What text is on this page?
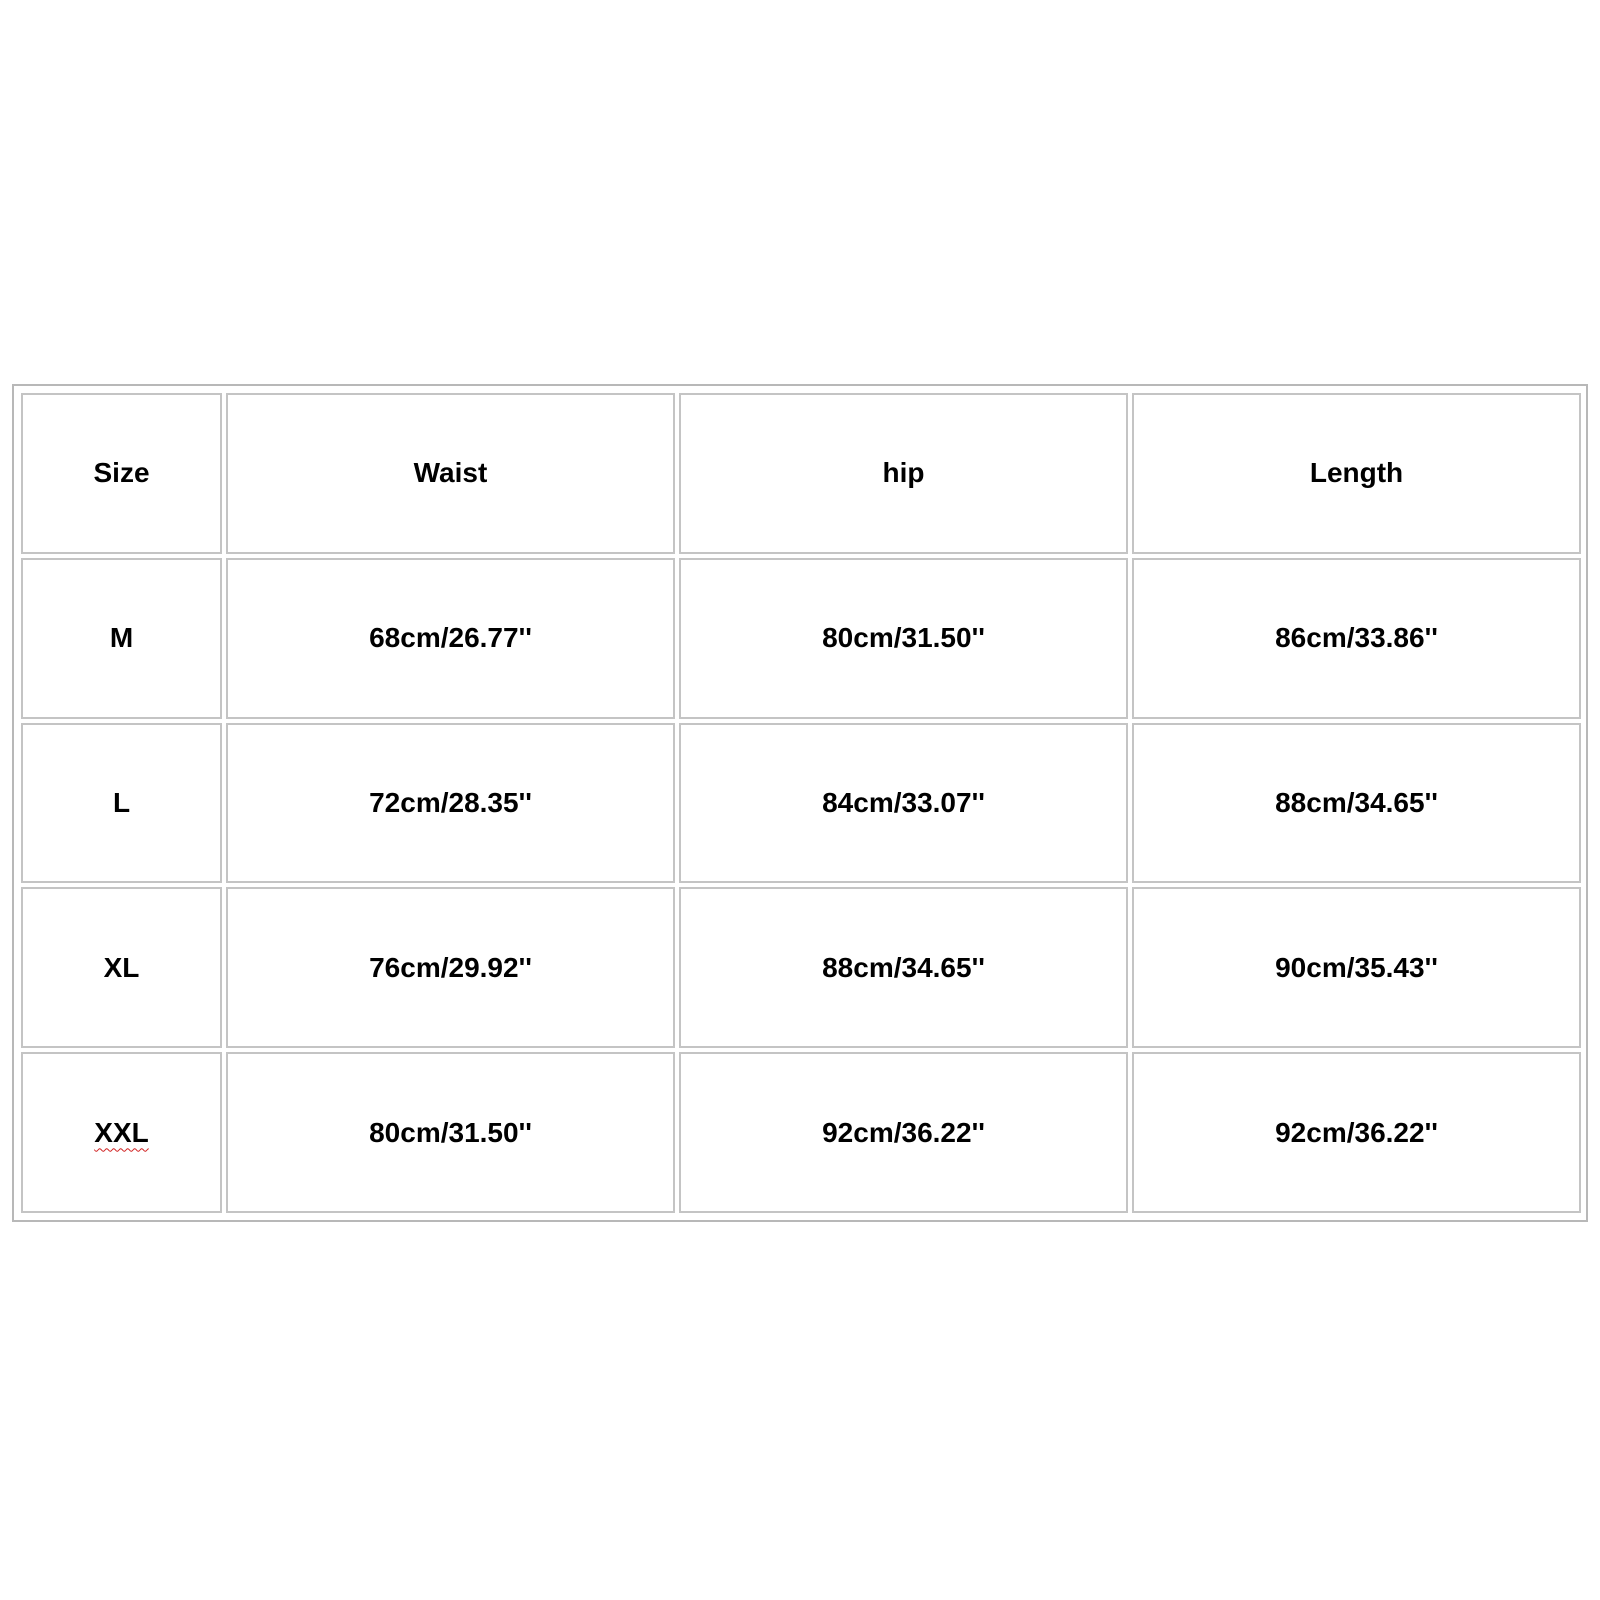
Size	Waist	hip	Length
M	68cm/26.77''	80cm/31.50''	86cm/33.86''
L	72cm/28.35''	84cm/33.07''	88cm/34.65''
XL	76cm/29.92''	88cm/34.65''	90cm/35.43''
XXL	80cm/31.50''	92cm/36.22''	92cm/36.22''
